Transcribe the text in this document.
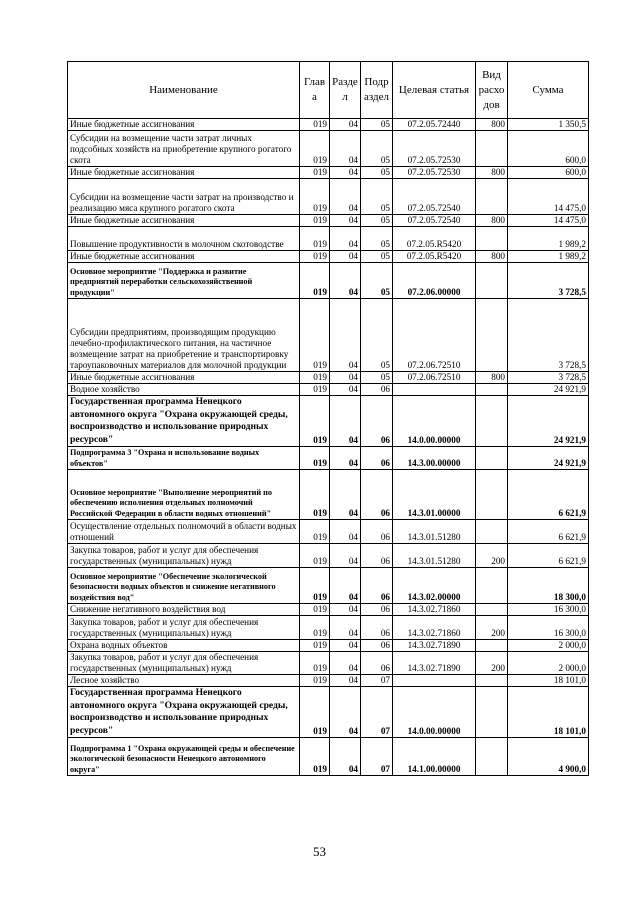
Наименование	Глав а	Разде л	Подр аздел	Целевая статья	Вид расхо дов	Сумма
Иные бюджетные ассигнования	019	04	05	07.2.05.72440	800	1 350,5
Субсидии на возмещение части затрат личных подсобных хозяйств на приобретение крупного рогатого скота	019	04	05	07.2.05.72530		600,0
Иные бюджетные ассигнования	019	04	05	07.2.05.72530	800	600,0
Субсидии на возмещение части затрат на производство и реализацию мяса крупного рогатого скота	019	04	05	07.2.05.72540		14 475,0
Иные бюджетные ассигнования	019	04	05	07.2.05.72540	800	14 475,0
Повышение продуктивности в молочном скотоводстве	019	04	05	07.2.05.R5420		1 989,2
Иные бюджетные ассигнования	019	04	05	07.2.05.R5420	800	1 989,2
Основное мероприятие "Поддержка и развитие предприятий переработки сельскохозяйственной продукции"	019	04	05	07.2.06.00000		3 728,5
Субсидии предприятиям, производящим продукцию лечебно-профилактического питания, на частичное возмещение затрат на приобретение и транспортировку тароупаковочных материалов для молочной продукции	019	04	05	07.2.06.72510		3 728,5
Иные бюджетные ассигнования	019	04	05	07.2.06.72510	800	3 728,5
Водное хозяйство	019	04	06			24 921,9
Государственная программа Ненецкого автономного округа "Охрана окружающей среды, воспроизводство и использование природных ресурсов"	019	04	06	14.0.00.00000		24 921,9
Подпрограмма 3 "Охрана и использование водных объектов"	019	04	06	14.3.00.00000		24 921,9
Основное мероприятие "Выполнение мероприятий по обеспечению исполнения отдельных полномочий Российской Федерации в области водных отношений"	019	04	06	14.3.01.00000		6 621,9
Осуществление отдельных полномочий в области водных отношений	019	04	06	14.3.01.51280		6 621,9
Закупка товаров, работ и услуг для обеспечения государственных (муниципальных) нужд	019	04	06	14.3.01.51280	200	6 621,9
Основное мероприятие "Обеспечение экологической безопасности водных объектов и снижение негативного воздействия вод"	019	04	06	14.3.02.00000		18 300,0
Снижение негативного воздействия вод	019	04	06	14.3.02.71860		16 300,0
Закупка товаров, работ и услуг для обеспечения государственных (муниципальных) нужд	019	04	06	14.3.02.71860	200	16 300,0
Охрана водных объектов	019	04	06	14.3.02.71890		2 000,0
Закупка товаров, работ и услуг для обеспечения государственных (муниципальных) нужд	019	04	06	14.3.02.71890	200	2 000,0
Лесное хозяйство	019	04	07			18 101,0
Государственная программа Ненецкого автономного округа "Охрана окружающей среды, воспроизводство и использование природных ресурсов"	019	04	07	14.0.00.00000		18 101,0
Подпрограмма 1 "Охрана окружающей среды и обеспечение экологической безопасности Ненецкого автономного округа"	019	04	07	14.1.00.00000		4 900,0
53
